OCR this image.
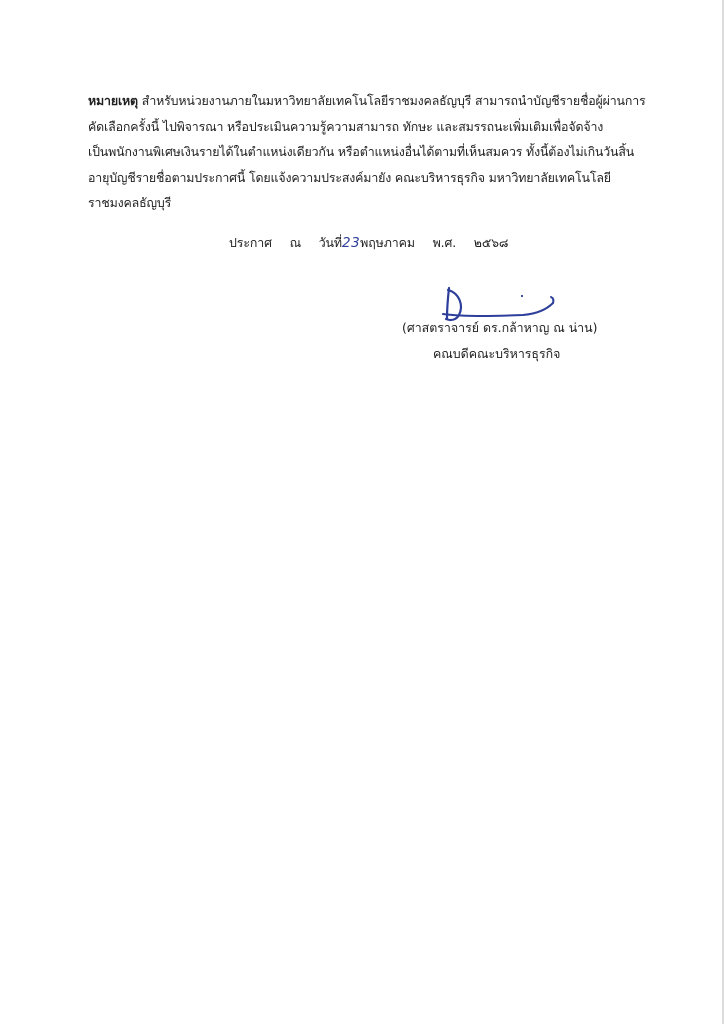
หมายเหตุ สำหรับหน่วยงานภายในมหาวิทยาลัยเทคโนโลยีราชมงคลธัญบุรี สามารถนำบัญชีรายชื่อผู้ผ่านการ
คัดเลือกครั้งนี้ ไปพิจารณา หรือประเมินความรู้ความสามารถ ทักษะ และสมรรถนะเพิ่มเติมเพื่อจัดจ้าง
เป็นพนักงานพิเศษเงินรายได้ในตำแหน่งเดียวกัน หรือตำแหน่งอื่นได้ตามที่เห็นสมควร ทั้งนี้ต้องไม่เกินวันสิ้น
อายุบัญชีรายชื่อตามประกาศนี้ โดยแจ้งความประสงค์มายัง คณะบริหารธุรกิจ มหาวิทยาลัยเทคโนโลยี
ราชมงคลธัญบุรี
ประกาศ ณ วันที่23พฤษภาคม พ.ศ. ๒๕๖๘
(ศาสตราจารย์ ดร.กล้าหาญ ณ น่าน)
คณบดีคณะบริหารธุรกิจ
